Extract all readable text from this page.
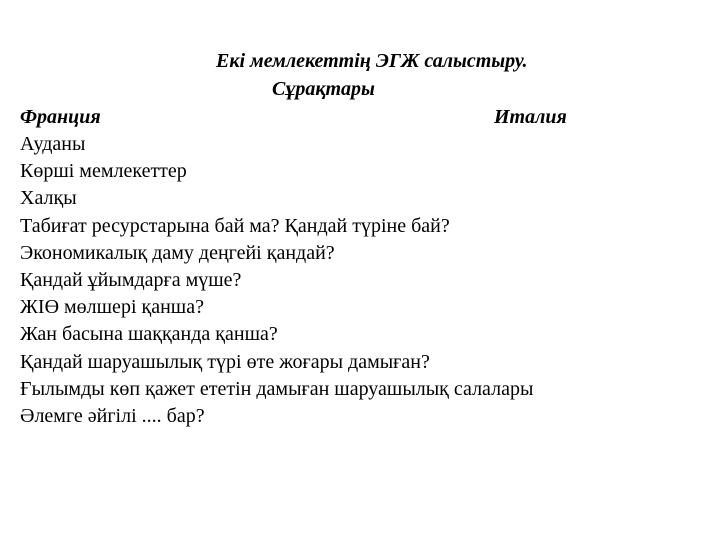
Екі мемлекеттің ЭГЖ салыстыру.
Сұрақтары
Франция	Италия
Ауданы
Көрші мемлекеттер
Халқы
Табиғат ресурстарына бай ма? Қандай түріне бай?
Экономикалық даму деңгейі қандай?
Қандай ұйымдарға мүше?
ЖІӨ мөлшері қанша?
Жан басына шаққанда қанша?
Қандай шаруашылық түрі өте жоғары дамыған?
Ғылымды көп қажет ететін дамыған шаруашылық салалары
Әлемге әйгілі .... бар?
